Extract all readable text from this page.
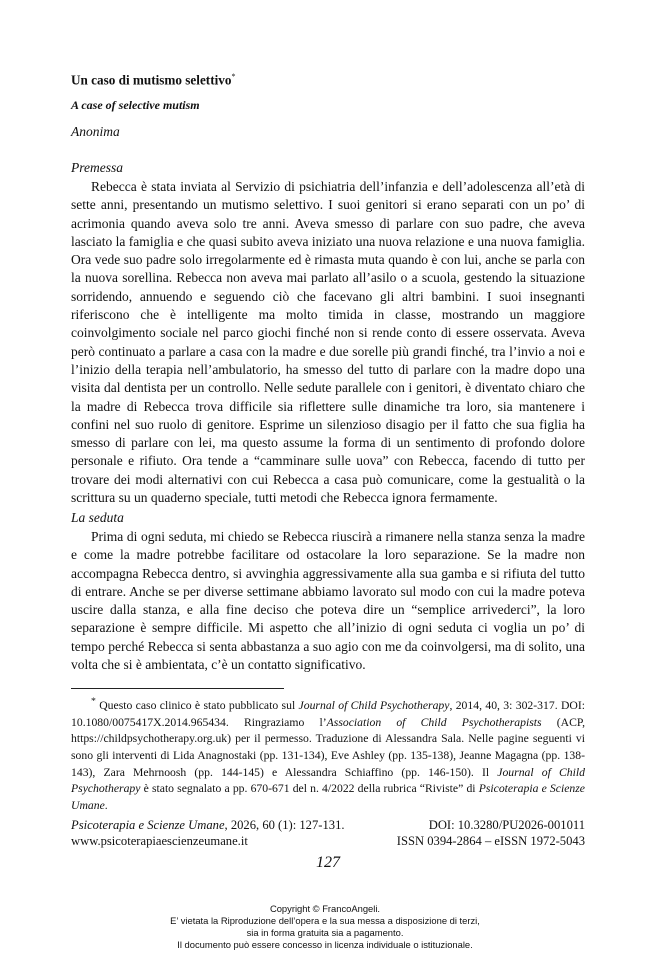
Un caso di mutismo selettivo*
A case of selective mutism
Anonima
Premessa

Rebecca è stata inviata al Servizio di psichiatria dell’infanzia e dell’adolescenza all’età di sette anni, presentando un mutismo selettivo. I suoi genitori si erano separati con un po’ di acrimonia quando aveva solo tre anni. Aveva smesso di parlare con suo padre, che aveva lasciato la famiglia e che quasi subito aveva iniziato una nuova relazione e una nuova famiglia. Ora vede suo padre solo irregolarmente ed è rimasta muta quando è con lui, anche se parla con la nuova sorellina. Rebecca non aveva mai parlato all’asilo o a scuola, gestendo la situazione sorridendo, annuendo e seguendo ciò che facevano gli altri bambini. I suoi insegnanti riferiscono che è intelligente ma molto timida in classe, mostrando un maggiore coinvolgimento sociale nel parco giochi finché non si rende conto di essere osservata. Aveva però continuato a parlare a casa con la madre e due sorelle più grandi finché, tra l’invio a noi e l’inizio della terapia nell’ambulatorio, ha smesso del tutto di parlare con la madre dopo una visita dal dentista per un controllo. Nelle sedute parallele con i genitori, è diventato chiaro che la madre di Rebecca trova difficile sia riflettere sulle dinamiche tra loro, sia mantenere i confini nel suo ruolo di genitore. Esprime un silenzioso disagio per il fatto che sua figlia ha smesso di parlare con lei, ma questo assume la forma di un sentimento di profondo dolore personale e rifiuto. Ora tende a “camminare sulle uova” con Rebecca, facendo di tutto per trovare dei modi alternativi con cui Rebecca a casa può comunicare, come la gestualità o la scrittura su un quaderno speciale, tutti metodi che Rebecca ignora fermamente.

La seduta

Prima di ogni seduta, mi chiedo se Rebecca riuscirà a rimanere nella stanza senza la madre e come la madre potrebbe facilitare od ostacolare la loro separazione. Se la madre non accompagna Rebecca dentro, si avvinghia aggressivamente alla sua gamba e si rifiuta del tutto di entrare. Anche se per diverse settimane abbiamo lavorato sul modo con cui la madre poteva uscire dalla stanza, e alla fine deciso che poteva dire un “semplice arrivederci”, la loro separazione è sempre difficile. Mi aspetto che all’inizio di ogni seduta ci voglia un po’ di tempo perché Rebecca si senta abbastanza a suo agio con me da coinvolgersi, ma di solito, una volta che si è ambientata, c’è un contatto significativo.

* Questo caso clinico è stato pubblicato sul Journal of Child Psychotherapy, 2014, 40, 3: 302-317. DOI: 10.1080/0075417X.2014.965434. Ringraziamo l’Association of Child Psychotherapists (ACP, https://childpsychotherapy.org.uk) per il permesso. Traduzione di Alessandra Sala. Nelle pagine seguenti vi sono gli interventi di Lida Anagnostaki (pp. 131-134), Eve Ashley (pp. 135-138), Jeanne Magagna (pp. 138-143), Zara Mehrnoosh (pp. 144-145) e Alessandra Schiaffino (pp. 146-150). Il Journal of Child Psychotherapy è stato segnalato a pp. 670-671 del n. 4/2022 della rubrica “Riviste” di Psicoterapia e Scienze Umane.

Psicoterapia e Scienze Umane, 2026, 60 (1): 127-131.	DOI: 10.3280/PU2026-001011
www.psicoterapiaescienzeumane.it	ISSN 0394-2864 – eISSN 1972-5043
127
Copyright © FrancoAngeli.
E’ vietata la Riproduzione dell’opera e la sua messa a disposizione di terzi,
sia in forma gratuita sia a pagamento.
Il documento può essere concesso in licenza individuale o istituzionale.
